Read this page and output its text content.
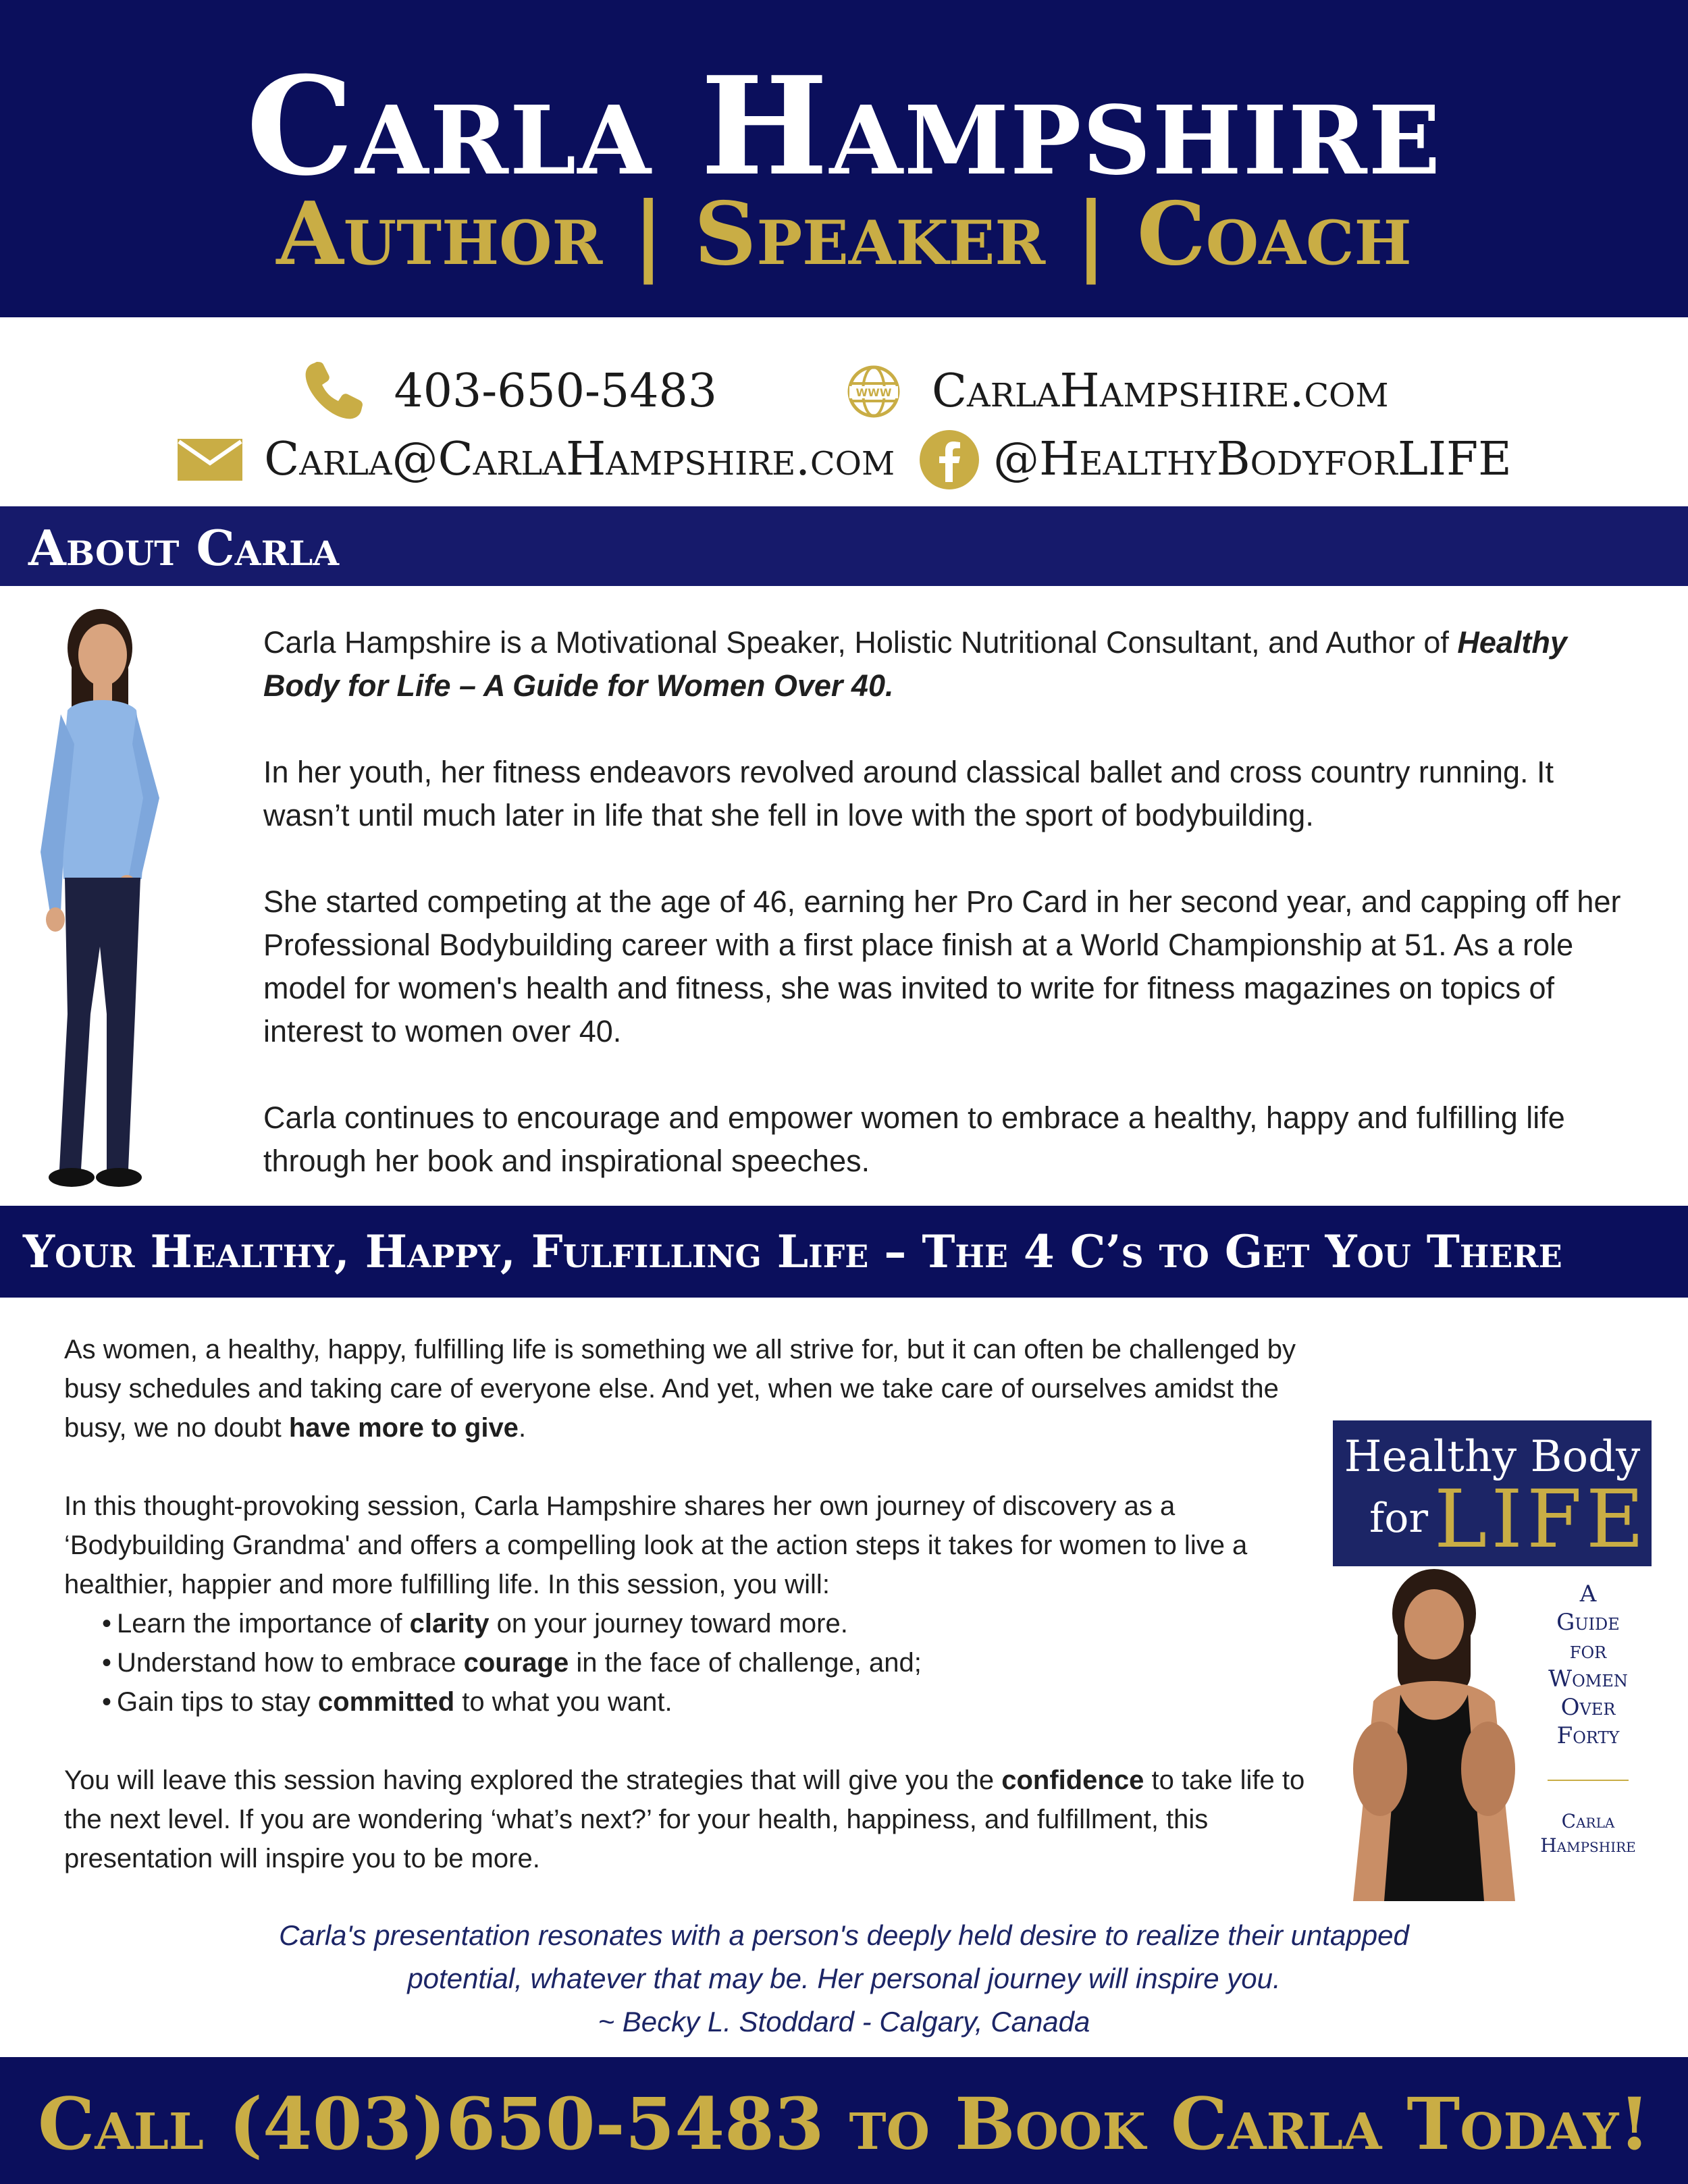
Carla Hampshire
Author | Speaker | Coach
403-650-5483	WWW CarlaHampshire.com
Carla@CarlaHampshire.com @HealthyBodyforLIFE
About Carla

Carla Hampshire is a Motivational Speaker, Holistic Nutritional Consultant, and Author of Healthy Body for Life – A Guide for Women Over 40.

In her youth, her fitness endeavors revolved around classical ballet and cross country running. It wasn’t until much later in life that she fell in love with the sport of bodybuilding.

She started competing at the age of 46, earning her Pro Card in her second year, and capping off her Professional Bodybuilding career with a first place finish at a World Championship at 51. As a role model for women's health and fitness, she was invited to write for fitness magazines on topics of interest to women over 40.

Carla continues to encourage and empower women to embrace a healthy, happy and fulfilling life through her book and inspirational speeches.

Your Healthy, Happy, Fulfilling Life – The 4 C’s to Get You There

As women, a healthy, happy, fulfilling life is something we all strive for, but it can often be challenged by busy schedules and taking care of everyone else. And yet, when we take care of ourselves amidst the busy, we no doubt have more to give.

In this thought-provoking session, Carla Hampshire shares her own journey of discovery as a ‘Bodybuilding Grandma' and offers a compelling look at the action steps it takes for women to live a healthier, happier and more fulfilling life. In this session, you will:

• Learn the importance of clarity on your journey toward more.
• Understand how to embrace courage in the face of challenge, and;
• Gain tips to stay committed to what you want.

You will leave this session having explored the strategies that will give you the confidence to take life to the next level. If you are wondering ‘what’s next?’ for your health, happiness, and fulfillment, this presentation will inspire you to be more.

Healthy Body
for LIFE
A
Guide
for
Women
Over
Forty
Carla
Hampshire
Carla's presentation resonates with a person's deeply held desire to realize their untapped
potential, whatever that may be. Her personal journey will inspire you.
~ Becky L. Stoddard - Calgary, Canada
Call (403)650-5483 to Book Carla Today!
